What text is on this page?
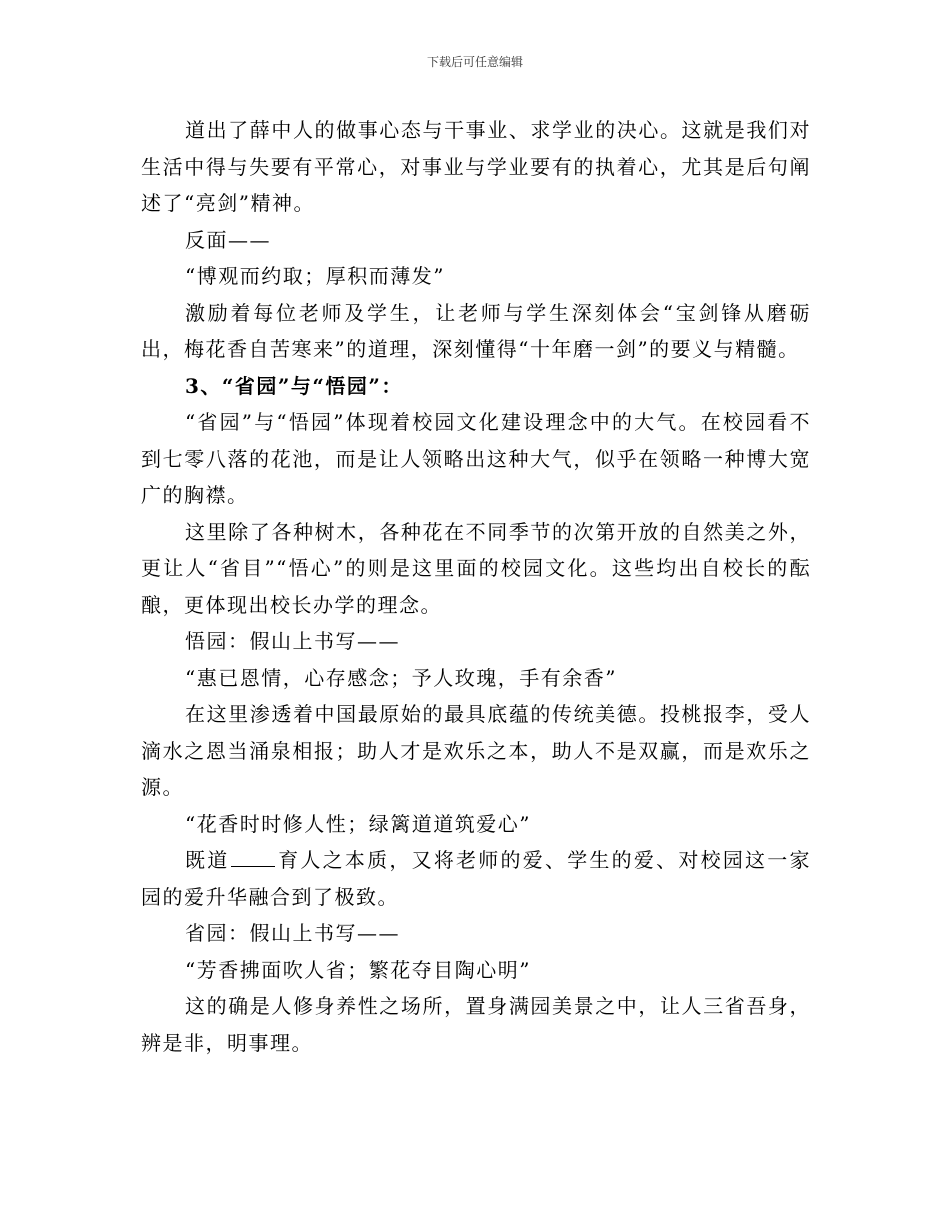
下载后可任意编辑

道出了薛中人的做事心态与干事业、求学业的决心。这就是我们对生活中得与失要有平常心，对事业与学业要有的执着心，尤其是后句阐述了“亮剑”精神。

反面——

“博观而约取；厚积而薄发”

激励着每位老师及学生，让老师与学生深刻体会“宝剑锋从磨砺出，梅花香自苦寒来”的道理，深刻懂得“十年磨一剑”的要义与精髓。

3、“省园”与“悟园”：

“省园”与“悟园”体现着校园文化建设理念中的大气。在校园看不到七零八落的花池，而是让人领略出这种大气，似乎在领略一种博大宽广的胸襟。

这里除了各种树木，各种花在不同季节的次第开放的自然美之外，更让人“省目”“悟心”的则是这里面的校园文化。这些均出自校长的酝酿，更体现出校长办学的理念。

悟园：假山上书写——

“惠已恩情，心存感念；予人玫瑰，手有余香”

在这里渗透着中国最原始的最具底蕴的传统美德。投桃报李，受人滴水之恩当涌泉相报；助人才是欢乐之本，助人不是双赢，而是欢乐之源。

“花香时时修人性；绿篱道道筑爱心”

既道 育人之本质，又将老师的爱、学生的爱、对校园这一家园的爱升华融合到了极致。

省园：假山上书写——

“芳香拂面吹人省；繁花夺目陶心明”

这的确是人修身养性之场所，置身满园美景之中，让人三省吾身，辨是非，明事理。
